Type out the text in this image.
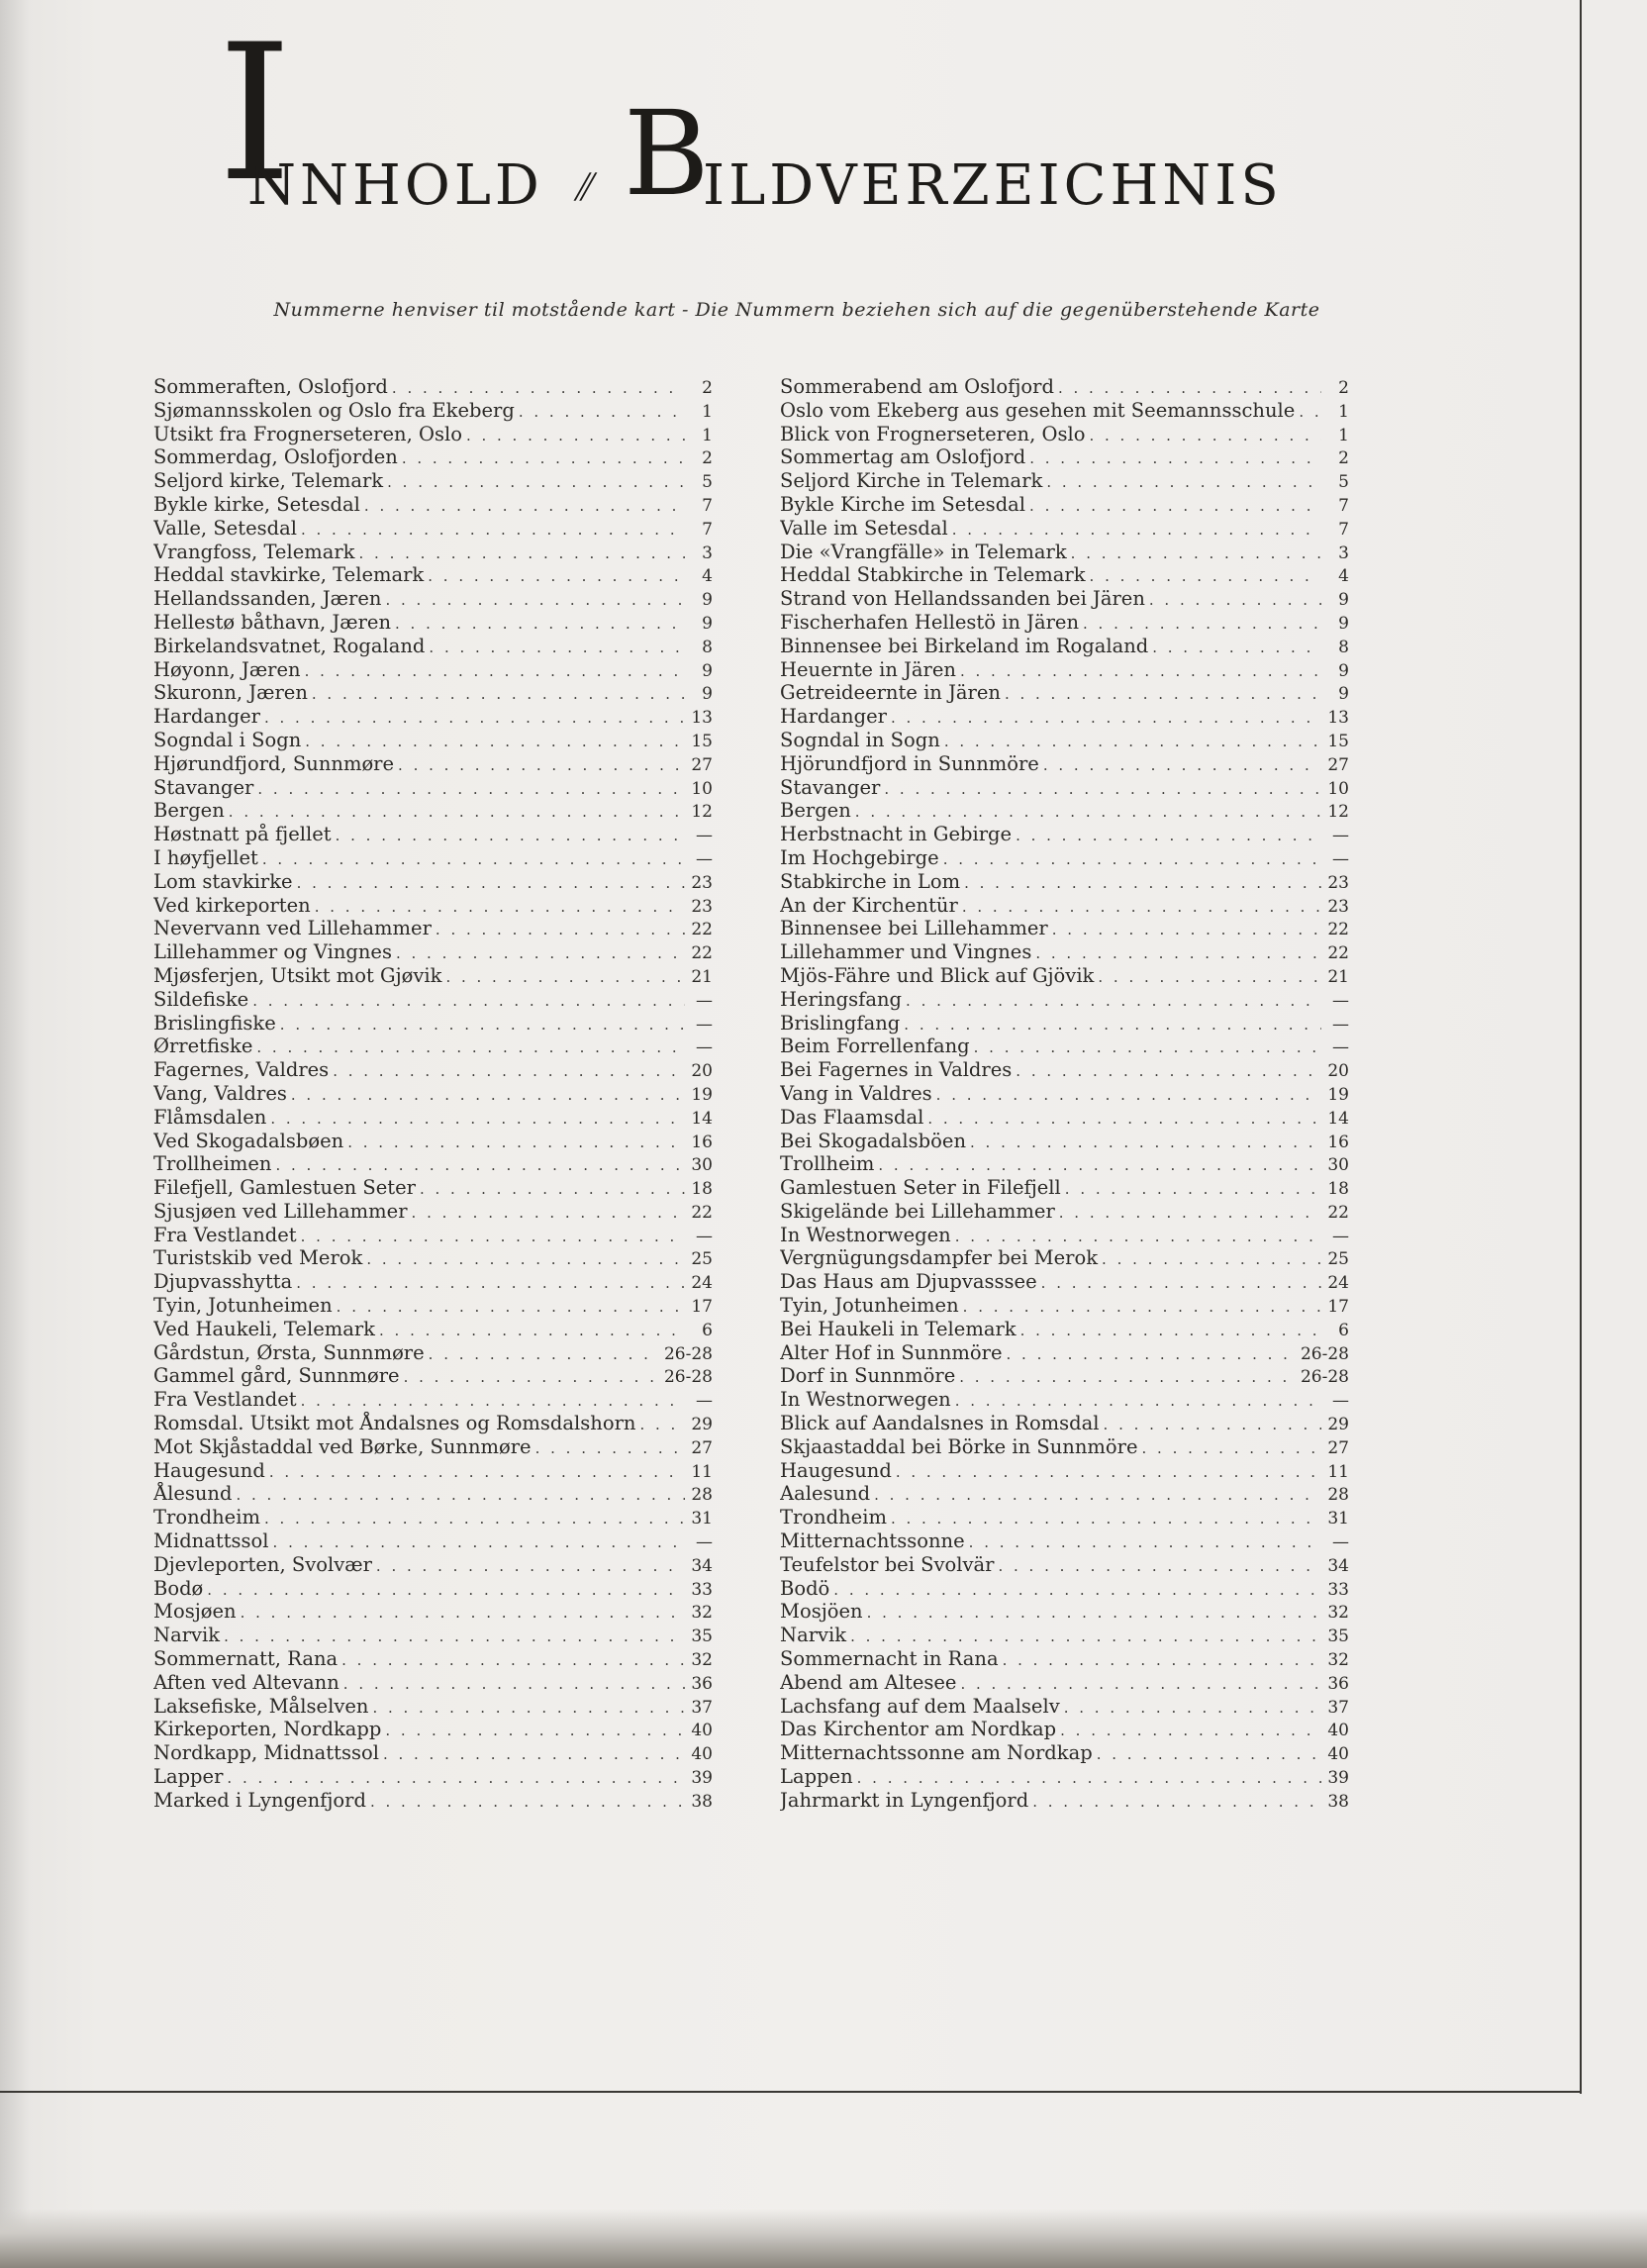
I
NNHOLD ⫽ B
ILDVERZEICHNIS
Nummerne henviser til motstående kart - Die Nummern beziehen sich auf die gegenüberstehende Karte
Sommeraften, Oslofjord . . .	2
Sjømannsskolen og Oslo fra Ekeberg . . .	1
Utsikt fra Frognerseteren, Oslo . . .	1
Sommerdag, Oslofjorden . . .	2
Seljord kirke, Telemark . . .	5
Bykle kirke, Setesdal . . .	7
Valle, Setesdal . . .	7
Vrangfoss, Telemark . . .	3
Heddal stavkirke, Telemark . . .	4
Hellandssanden, Jæren . . .	9
Hellestø båthavn, Jæren . . .	9
Birkelandsvatnet, Rogaland . . .	8
Høyonn, Jæren . . .	9
Skuronn, Jæren . . .	9
Hardanger . . .	13
Sogndal i Sogn . . .	15
Hjørundfjord, Sunnmøre . . .	27
Stavanger . . .	10
Bergen . . .	12
Høstnatt på fjellet . . .	—
I høyfjellet . . .	—
Lom stavkirke . . .	23
Ved kirkeporten . . .	23
Nevervann ved Lillehammer . . .	22
Lillehammer og Vingnes . . .	22
Mjøsferjen, Utsikt mot Gjøvik . . .	21
Sildefiske . . .	—
Brislingfiske . . .	—
Ørretfiske . . .	—
Fagernes, Valdres . . .	20
Vang, Valdres . . .	19
Flåmsdalen . . .	14
Ved Skogadalsbøen . . .	16
Trollheimen . . .	30
Filefjell, Gamlestuen Seter . . .	18
Sjusjøen ved Lillehammer . . .	22
Fra Vestlandet . . .	—
Turistskib ved Merok . . .	25
Djupvasshytta . . .	24
Tyin, Jotunheimen . . .	17
Ved Haukeli, Telemark . . .	6
Gårdstun, Ørsta, Sunnmøre . . .	26-28
Gammel gård, Sunnmøre . . .	26-28
Fra Vestlandet . . .	—
Romsdal. Utsikt mot Åndalsnes og Romsdalshorn . . .	29
Mot Skjåstaddal ved Børke, Sunnmøre . . .	27
Haugesund . . .	11
Ålesund . . .	28
Trondheim . . .	31
Midnattssol . . .	—
Djevleporten, Svolvær . . .	34
Bodø . . .	33
Mosjøen . . .	32
Narvik . . .	35
Sommernatt, Rana . . .	32
Aften ved Altevann . . .	36
Laksefiske, Målselven . . .	37
Kirkeporten, Nordkapp . . .	40
Nordkapp, Midnattssol . . .	40
Lapper . . .	39
Marked i Lyngenfjord . . .	38
Sommerabend am Oslofjord . . .	2
Oslo vom Ekeberg aus gesehen mit Seemannsschule . . .	1
Blick von Frognerseteren, Oslo . . .	1
Sommertag am Oslofjord . . .	2
Seljord Kirche in Telemark . . .	5
Bykle Kirche im Setesdal . . .	7
Valle im Setesdal . . .	7
Die «Vrangfälle» in Telemark . . .	3
Heddal Stabkirche in Telemark . . .	4
Strand von Hellandssanden bei Jären . . .	9
Fischerhafen Hellestö in Jären . . .	9
Binnensee bei Birkeland im Rogaland . . .	8
Heuernte in Jären . . .	9
Getreideernte in Jären . . .	9
Hardanger . . .	13
Sogndal in Sogn . . .	15
Hjörundfjord in Sunnmöre . . .	27
Stavanger . . .	10
Bergen . . .	12
Herbstnacht in Gebirge . . .	—
Im Hochgebirge . . .	—
Stabkirche in Lom . . .	23
An der Kirchentür . . .	23
Binnensee bei Lillehammer . . .	22
Lillehammer und Vingnes . . .	22
Mjös-Fähre und Blick auf Gjövik . . .	21
Heringsfang . . .	—
Brislingfang . . .	—
Beim Forrellenfang . . .	—
Bei Fagernes in Valdres . . .	20
Vang in Valdres . . .	19
Das Flaamsdal . . .	14
Bei Skogadalsböen . . .	16
Trollheim . . .	30
Gamlestuen Seter in Filefjell . . .	18
Skigelände bei Lillehammer . . .	22
In Westnorwegen . . .	—
Vergnügungsdampfer bei Merok . . .	25
Das Haus am Djupvasssee . . .	24
Tyin, Jotunheimen . . .	17
Bei Haukeli in Telemark . . .	6
Alter Hof in Sunnmöre . . .	26-28
Dorf in Sunnmöre . . .	26-28
In Westnorwegen . . .	—
Blick auf Aandalsnes in Romsdal . . .	29
Skjaastaddal bei Börke in Sunnmöre . . .	27
Haugesund . . .	11
Aalesund . . .	28
Trondheim . . .	31
Mitternachtssonne . . .	—
Teufelstor bei Svolvär . . .	34
Bodö . . .	33
Mosjöen . . .	32
Narvik . . .	35
Sommernacht in Rana . . .	32
Abend am Altesee . . .	36
Lachsfang auf dem Maalselv . . .	37
Das Kirchentor am Nordkap . . .	40
Mitternachtssonne am Nordkap . . .	40
Lappen . . .	39
Jahrmarkt in Lyngenfjord . . .	38
